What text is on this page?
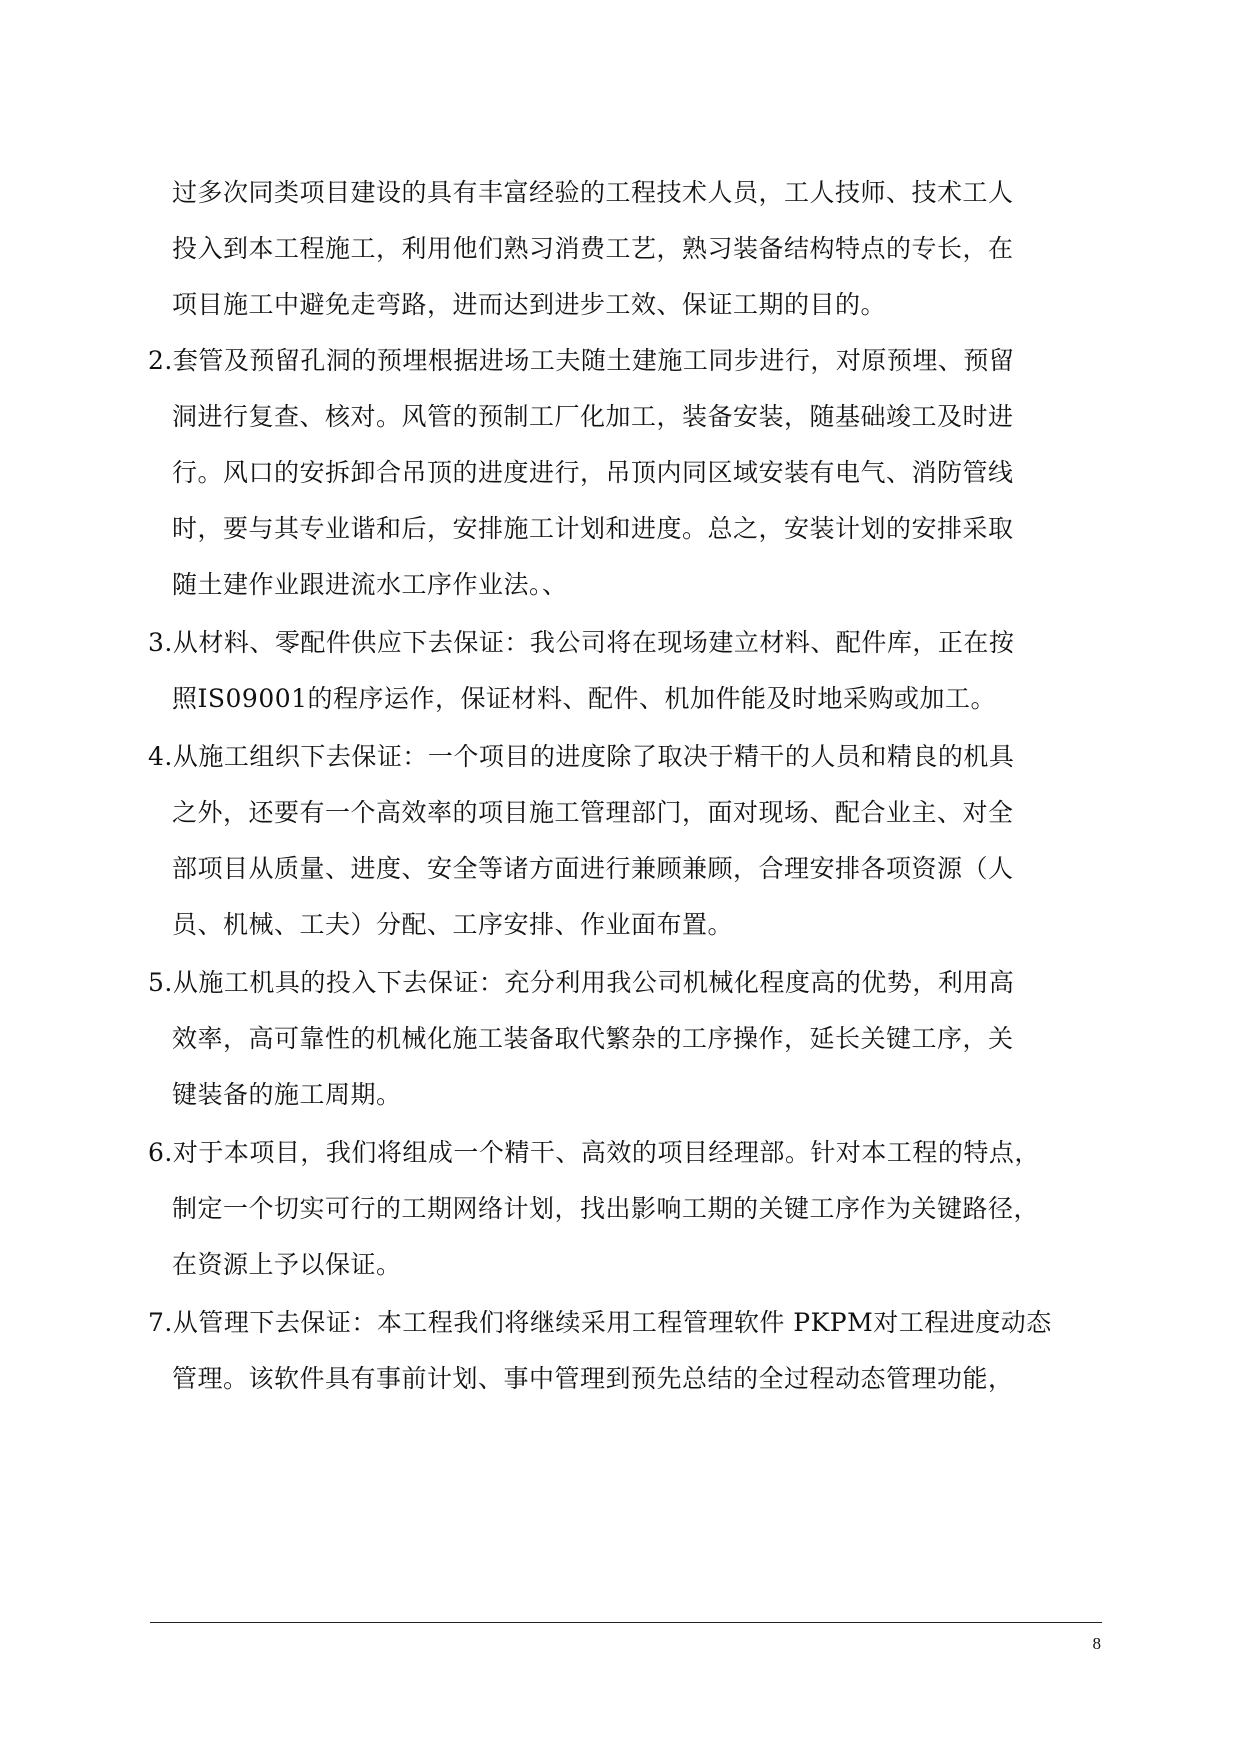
过多次同类项目建设的具有丰富经验的工程技术人员，工人技师、技术工人
投入到本工程施工，利用他们熟习消费工艺，熟习装备结构特点的专长，在
项目施工中避免走弯路，进而达到进步工效、保证工期的目的。
2.套管及预留孔洞的预埋根据进场工夫随土建施工同步进行，对原预埋、预留
洞进行复查、核对。风管的预制工厂化加工，装备安装，随基础竣工及时进
行。风口的安拆卸合吊顶的进度进行，吊顶内同区域安装有电气、消防管线
时，要与其专业谐和后，安排施工计划和进度。总之，安装计划的安排采取
随土建作业跟进流水工序作业法。、
3.从材料、零配件供应下去保证：我公司将在现场建立材料、配件库，正在按
照IS09001的程序运作，保证材料、配件、机加件能及时地采购或加工。
4.从施工组织下去保证：一个项目的进度除了取决于精干的人员和精良的机具
之外，还要有一个高效率的项目施工管理部门，面对现场、配合业主、对全
部项目从质量、进度、安全等诸方面进行兼顾兼顾，合理安排各项资源（人
员、机械、工夫）分配、工序安排、作业面布置。
5.从施工机具的投入下去保证：充分利用我公司机械化程度高的优势，利用高
效率，高可靠性的机械化施工装备取代繁杂的工序操作，延长关键工序，关
键装备的施工周期。
6.对于本项目，我们将组成一个精干、高效的项目经理部。针对本工程的特点，
制定一个切实可行的工期网络计划，找出影响工期的关键工序作为关键路径，
在资源上予以保证。
7.从管理下去保证：本工程我们将继续采用工程管理软件 PKPM对工程进度动态
管理。该软件具有事前计划、事中管理到预先总结的全过程动态管理功能，
8
